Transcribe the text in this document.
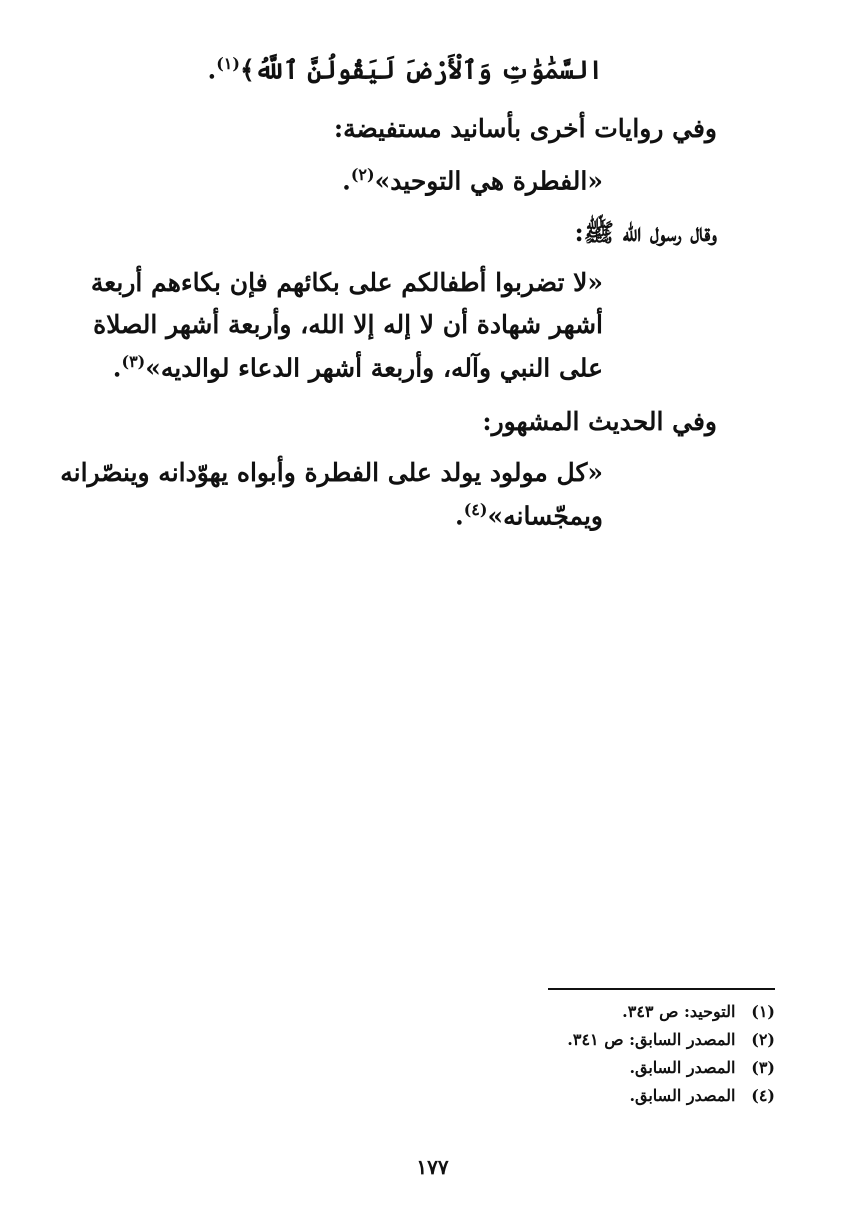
السَّمَٰوَٰتِ وَٱلْأَرْضَ لَيَقُولُنَّ ٱللَّهُ﴾$^{(١)}$.
وفي روايات أخرى بأسانيد مستفيضة:
«الفطرة هي التوحيد»$^{(٢)}$.
وقال رسول الله ﷺ:
«لا تضربوا أطفالكم على بكائهم فإن بكاءهم أربعة
أشهر شهادة أن لا إله إلا الله، وأربعة أشهر الصلاة
على النبي وآله، وأربعة أشهر الدعاء لوالديه»$^{(٣)}$.
وفي الحديث المشهور:
«كل مولود يولد على الفطرة وأبواه يهوّدانه وينصّرانه
ويمجّسانه»$^{(٤)}$.
(١) التوحيد: ص ٣٤٣.
(٢) المصدر السابق: ص ٣٤١.
(٣) المصدر السابق.
(٤) المصدر السابق.
١٧٧
